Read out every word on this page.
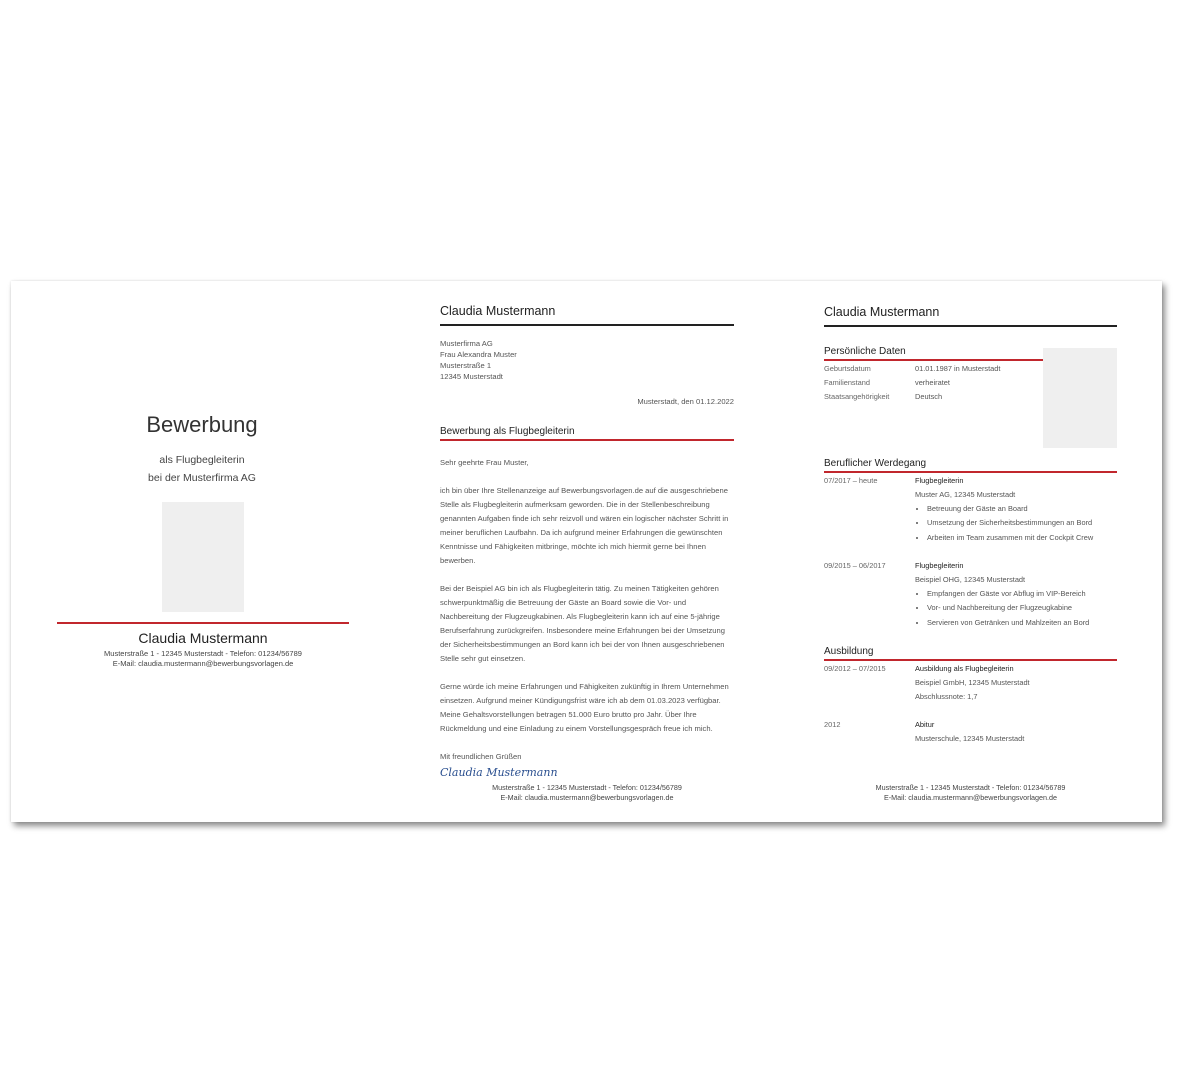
Bewerbung
als Flugbegleiterin
bei der Musterfirma AG
Claudia Mustermann
Musterstraße 1 - 12345 Musterstadt - Telefon: 01234/56789
E-Mail: claudia.mustermann@bewerbungsvorlagen.de
Claudia Mustermann
Musterfirma AG
Frau Alexandra Muster
Musterstraße 1
12345 Musterstadt
Musterstadt, den 01.12.2022
Bewerbung als Flugbegleiterin
Sehr geehrte Frau Muster,
ich bin über Ihre Stellenanzeige auf Bewerbungsvorlagen.de auf die ausgeschriebene Stelle als Flugbegleiterin aufmerksam geworden. Die in der Stellenbeschreibung genannten Aufgaben finde ich sehr reizvoll und wären ein logischer nächster Schritt in meiner beruflichen Laufbahn. Da ich aufgrund meiner Erfahrungen die gewünschten Kenntnisse und Fähigkeiten mitbringe, möchte ich mich hiermit gerne bei Ihnen bewerben.
Bei der Beispiel AG bin ich als Flugbegleiterin tätig. Zu meinen Tätigkeiten gehören schwerpunktmäßig die Betreuung der Gäste an Board sowie die Vor- und Nachbereitung der Flugzeugkabinen. Als Flugbegleiterin kann ich auf eine 5-jährige Berufserfahrung zurückgreifen. Insbesondere meine Erfahrungen bei der Umsetzung der Sicherheitsbestimmungen an Bord kann ich bei der von Ihnen ausgeschriebenen Stelle sehr gut einsetzen.
Gerne würde ich meine Erfahrungen und Fähigkeiten zukünftig in Ihrem Unternehmen einsetzen. Aufgrund meiner Kündigungsfrist wäre ich ab dem 01.03.2023 verfügbar. Meine Gehaltsvorstellungen betragen 51.000 Euro brutto pro Jahr. Über Ihre Rückmeldung und eine Einladung zu einem Vorstellungsgespräch freue ich mich.
Mit freundlichen Grüßen
Claudia Mustermann
Musterstraße 1 - 12345 Musterstadt - Telefon: 01234/56789
E-Mail: claudia.mustermann@bewerbungsvorlagen.de
Claudia Mustermann
Persönliche Daten
Geburtsdatum	01.01.1987 in Musterstadt
Familienstand	verheiratet
Staatsangehörigkeit	Deutsch
Beruflicher Werdegang
07/2017 – heute	Flugbegleiterin
Muster AG, 12345 Musterstadt
• Betreuung der Gäste an Board
• Umsetzung der Sicherheitsbestimmungen an Bord
• Arbeiten im Team zusammen mit der Cockpit Crew
09/2015 – 06/2017	Flugbegleiterin
Beispiel OHG, 12345 Musterstadt
• Empfangen der Gäste vor Abflug im VIP-Bereich
• Vor- und Nachbereitung der Flugzeugkabine
• Servieren von Getränken und Mahlzeiten an Bord
Ausbildung
09/2012 – 07/2015	Ausbildung als Flugbegleiterin
Beispiel GmbH, 12345 Musterstadt
Abschlussnote: 1,7
2012	Abitur
Musterschule, 12345 Musterstadt
Musterstraße 1 - 12345 Musterstadt - Telefon: 01234/56789
E-Mail: claudia.mustermann@bewerbungsvorlagen.de
